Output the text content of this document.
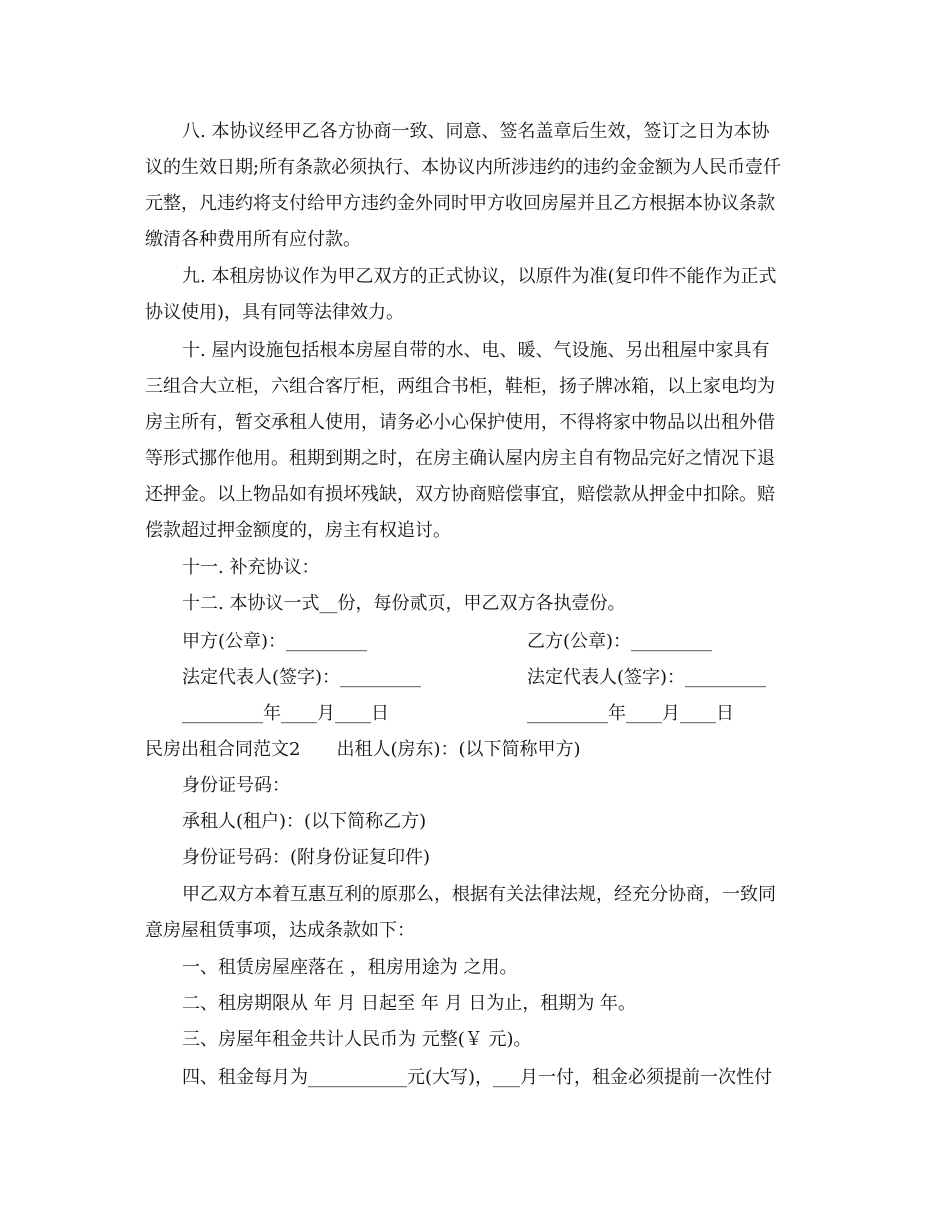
八. 本协议经甲乙各方协商一致、同意、签名盖章后生效，签订之日为本协
议的生效日期;所有条款必须执行、本协议内所涉违约的违约金金额为人民币壹仟
元整，凡违约将支付给甲方违约金外同时甲方收回房屋并且乙方根据本协议条款
缴清各种费用所有应付款。
九. 本租房协议作为甲乙双方的正式协议，以原件为准(复印件不能作为正式
协议使用)，具有同等法律效力。
十. 屋内设施包括根本房屋自带的水、电、暖、气设施、另出租屋中家具有
三组合大立柜，六组合客厅柜，两组合书柜，鞋柜，扬子牌冰箱，以上家电均为
房主所有，暂交承租人使用，请务必小心保护使用，不得将家中物品以出租外借
等形式挪作他用。租期到期之时，在房主确认屋内房主自有物品完好之情况下退
还押金。以上物品如有损坏残缺，双方协商赔偿事宜，赔偿款从押金中扣除。赔
偿款超过押金额度的，房主有权追讨。
十一. 补充协议：
十二. 本协议一式__份，每份贰页，甲乙双方各执壹份。
甲方(公章)：_________	乙方(公章)：_________
法定代表人(签字)：_________	法定代表人(签字)：_________
_________年____月____日	_________年____月____日
民房出租合同范文2　　出租人(房东)：(以下简称甲方)
身份证号码：
承租人(租户)：(以下简称乙方)
身份证号码：(附身份证复印件)
甲乙双方本着互惠互利的原那么，根据有关法律法规，经充分协商，一致同
意房屋租赁事项，达成条款如下：
一、租赁房屋座落在 ，租房用途为 之用。
二、租房期限从 年 月 日起至 年 月 日为止，租期为 年。
三、房屋年租金共计人民币为 元整(￥ 元)。
四、租金每月为___________元(大写)，___月一付，租金必须提前一次性付
